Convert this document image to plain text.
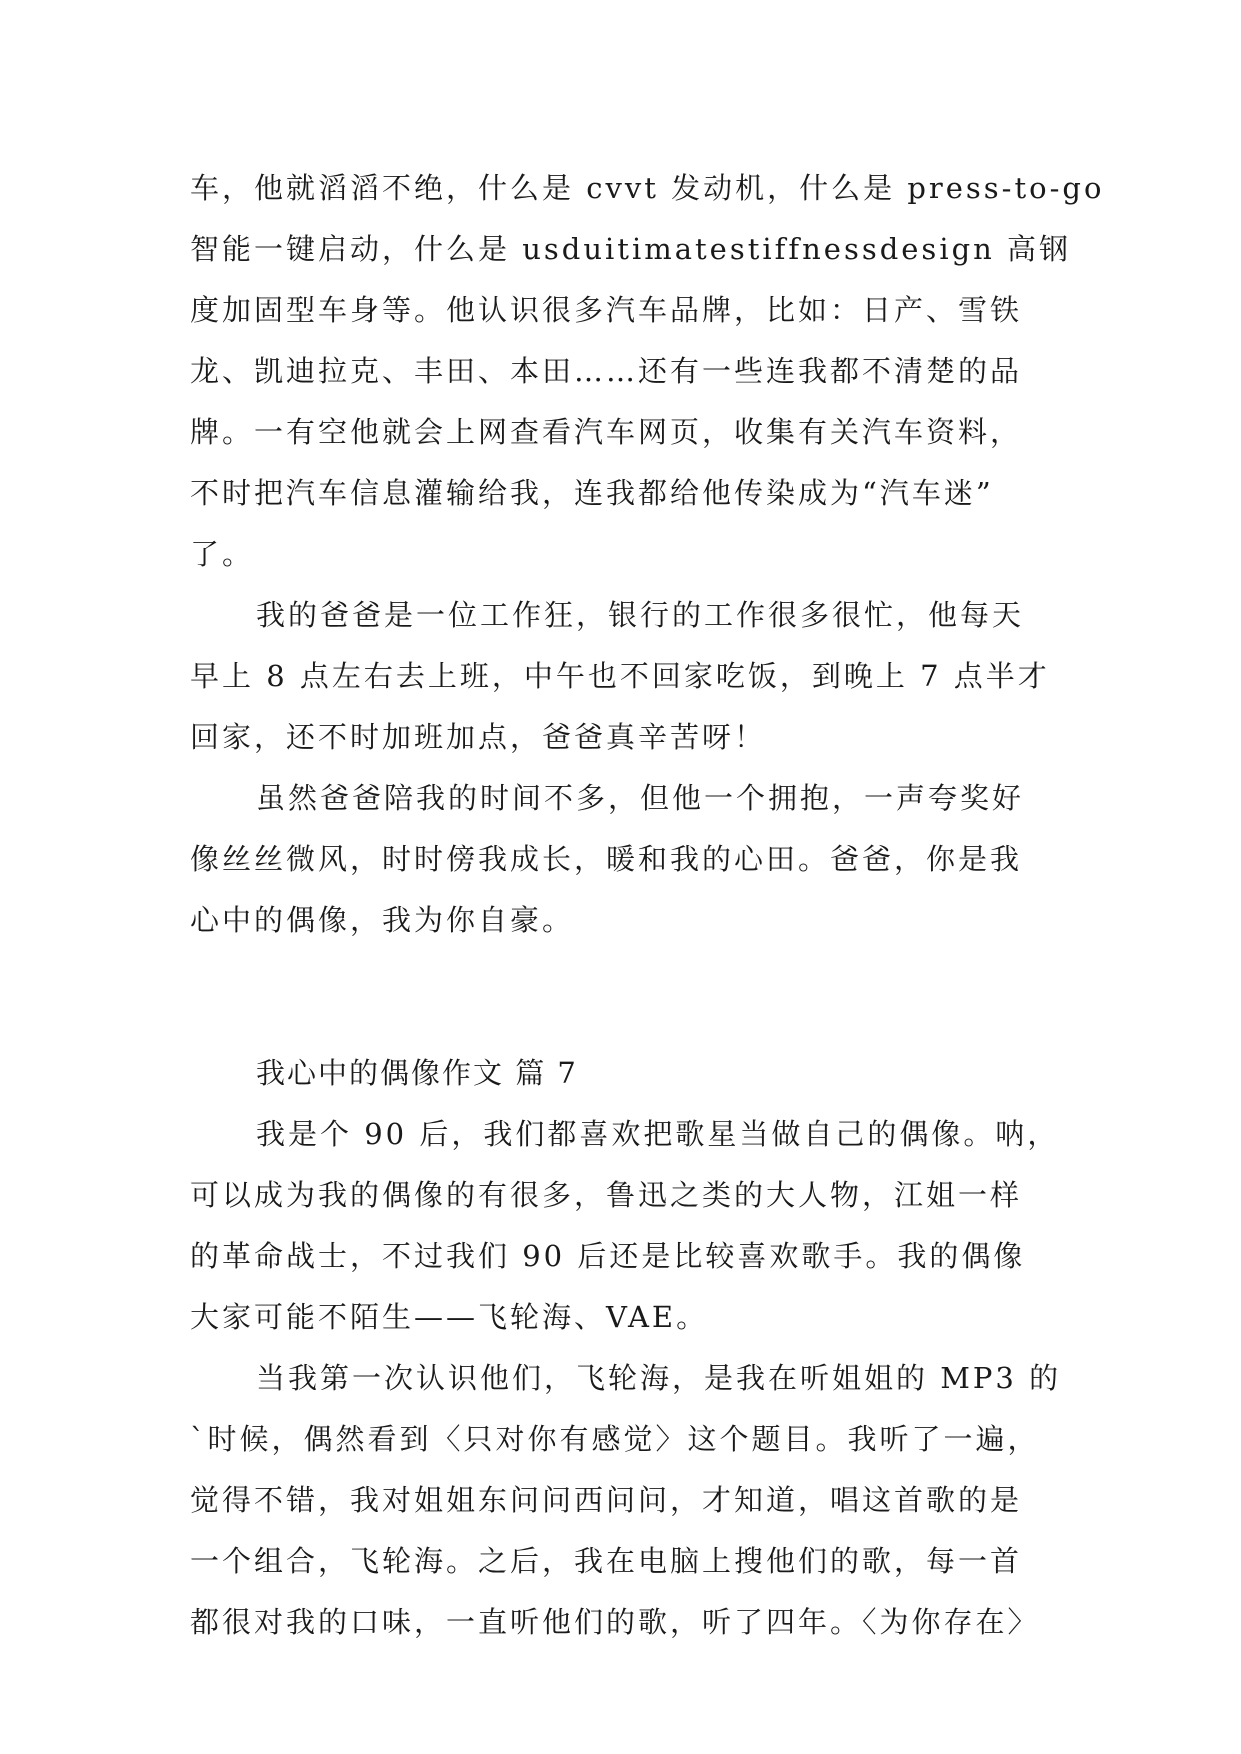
车，他就滔滔不绝，什么是 cvvt 发动机，什么是 press-to-go
智能一键启动，什么是 usduitimatestiffnessdesign 高钢
度加固型车身等。他认识很多汽车品牌，比如：日产、雪铁
龙、凯迪拉克、丰田、本田……还有一些连我都不清楚的品
牌。一有空他就会上网查看汽车网页，收集有关汽车资料，
不时把汽车信息灌输给我，连我都给他传染成为“汽车迷”
了。
我的爸爸是一位工作狂，银行的工作很多很忙，他每天
早上 8 点左右去上班，中午也不回家吃饭，到晚上 7 点半才
回家，还不时加班加点，爸爸真辛苦呀！
虽然爸爸陪我的时间不多，但他一个拥抱，一声夸奖好
像丝丝微风，时时傍我成长，暖和我的心田。爸爸，你是我
心中的偶像，我为你自豪。
我心中的偶像作文 篇 7
我是个 90 后，我们都喜欢把歌星当做自己的偶像。呐，
可以成为我的偶像的有很多，鲁迅之类的大人物，江姐一样
的革命战士，不过我们 90 后还是比较喜欢歌手。我的偶像
大家可能不陌生——飞轮海、VAE。
当我第一次认识他们，飞轮海，是我在听姐姐的 MP3 的
`时候，偶然看到〈只对你有感觉〉这个题目。我听了一遍，
觉得不错，我对姐姐东问问西问问，才知道，唱这首歌的是
一个组合，飞轮海。之后，我在电脑上搜他们的歌，每一首
都很对我的口味，一直听他们的歌，听了四年。〈为你存在〉
